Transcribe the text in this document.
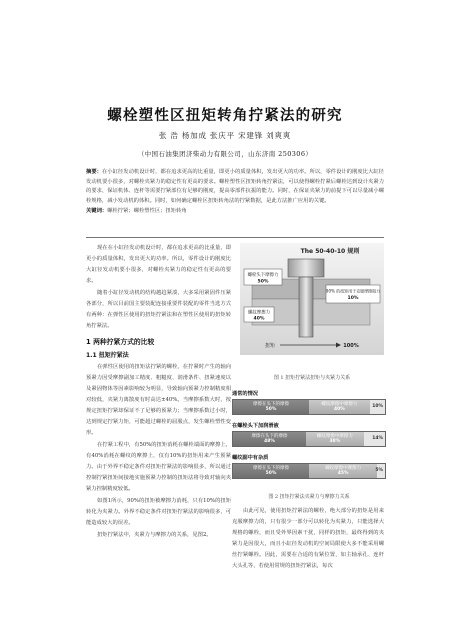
螺栓塑性区扭矩转角拧紧法的研究
张 浩 杨加成 张庆平 宋建锋 刘爽爽
（中国石油集团济柴动力有限公司，山东济南 250306）
摘要：在小缸径发动机设计时，都在追求更高的比重量，即更小的质量体积，发出更大的功率。所以，零件设计的刚度比大缸径发动机要小很多，对螺栓夹紧力的稳定性有更高的要求。螺栓塑性区扭矩转角拧紧法，可以使得螺栓拧紧后螺栓达到设计夹紧力的要求，保证机体、连杆等需要拧紧部位有足够的刚度，提高零部件抗振的能力。同时，在保证夹紧力的前提下可以尽量减小螺栓规格，减小发动机的体积。同时，如何确定螺栓区扭矩转角法的拧紧数据，是此方法推广应用的关键。
关键词：螺栓拧紧；螺栓塑性区；扭矩转角

现在在小缸径发动机设计时，都在追求更高的比重量，即更小的质量体积，发出更大的功率。所以，零件设计的刚度比大缸径发动机要小很多，对螺栓夹紧力的稳定性有更高的要求。

随着小缸径发动机的结构越趋紧凑，大多采用紧固件压紧各部分，所以目前国主要装配连接重要件装配的零件当选方式有两种：在弹性区使用的扭矩拧紧法和在塑性区使用的扭矩转角拧紧法。

1 两种拧紧方式的比较
1.1 扭矩拧紧法

在弹性区使用的扭矩法拧紧的螺栓，在拧紧时产生的轴向预紧力因受摩擦副加工精度、粗糙度、润滑条件、扭紧速度以及紧固物体等因素影响较为明显，导致轴向预紧力控制精度相对较低，夹紧力离散度有时高达±40%。当摩擦系数大时，按规定扭矩拧紧却保证不了足够的预紧力；当摩擦系数过小时，达到规定拧紧力矩，可能超过螺栓的屈服点，发生螺栓塑性变形。

在拧紧工程中，有50%的扭矩消耗在螺栓端面的摩擦上，有40%消耗在螺纹的摩擦上，仅有10%的扭矩用来产生预紧力。由于外界不稳定条件对扭矩拧紧法的影响很多，所以通过控制拧紧扭矩间接地实施预紧力控制的扭矩法将导致对轴向夹紧力控制精度较低。

如图1所示，90%的扭矩被摩擦力消耗，只有10%的扭矩转化为夹紧力。外界不稳定条件对扭矩拧紧法的影响很多，可能造成较大的误差。

扭矩拧紧法中，夹紧力与摩擦力的关系，见图2。

The 50-40-10 规则
螺栓头下摩擦力
50%
螺纹摩擦力
40%
90% 的扭矩用于克服摩擦阻力
10%
扭矩	100%
图 1 扭矩拧紧法扭矩与夹紧力关系
通常的情况
摩擦在头下的摩擦
50%
螺纹摩擦中摩擦力
40%
10%
在螺栓头下加润滑液
摩擦在头下的摩擦
48%
螺纹摩擦中摩擦力
38%
14%
螺纹副中有杂质
摩擦在头下的摩擦
50%
螺纹摩擦中摩擦力
45%
5%
图 2 扭矩拧紧法夹紧力与摩擦力关系

由此可见，使用扭矩拧紧法的螺栓，绝大部分的扭矩是用来克服摩擦力的，只有很少一部分可以转化为夹紧力，只能选择大规格的螺栓，而且受外界因素干扰，同样的扭矩，最终得到的夹紧力是因很大，而且小缸径发动机的空间局限使大多不能采用螺丝拧紧螺栓。因此，需要在合适的有紧位置，如主轴承孔、连杆大头孔等，若使用常规的扭矩拧紧法，每次
